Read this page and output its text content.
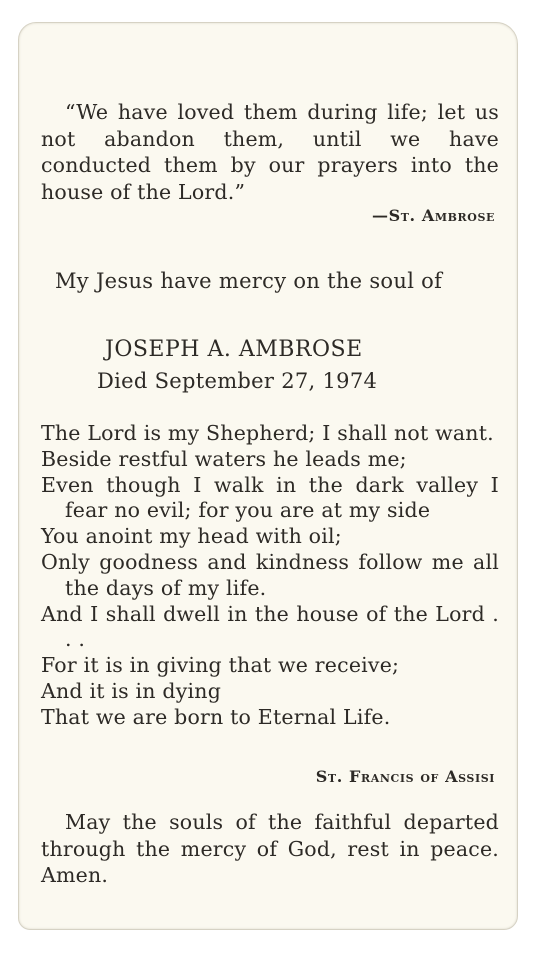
“We have loved them during life; let us not abandon them, until we have conducted them by our prayers into the house of the Lord.”

—St. Ambrose
My Jesus have mercy on the soul of
JOSEPH A. AMBROSE
Died September 27, 1974
The Lord is my Shepherd; I shall not want.
Beside restful waters he leads me;
Even though I walk in the dark valley I fear no evil; for you are at my side
You anoint my head with oil;
Only goodness and kindness follow me all the days of my life.
And I shall dwell in the house of the Lord . . .
For it is in giving that we receive;
And it is in dying
That we are born to Eternal Life.
St. Francis of Assisi

May the souls of the faithful departed through the mercy of God, rest in peace. Amen.
